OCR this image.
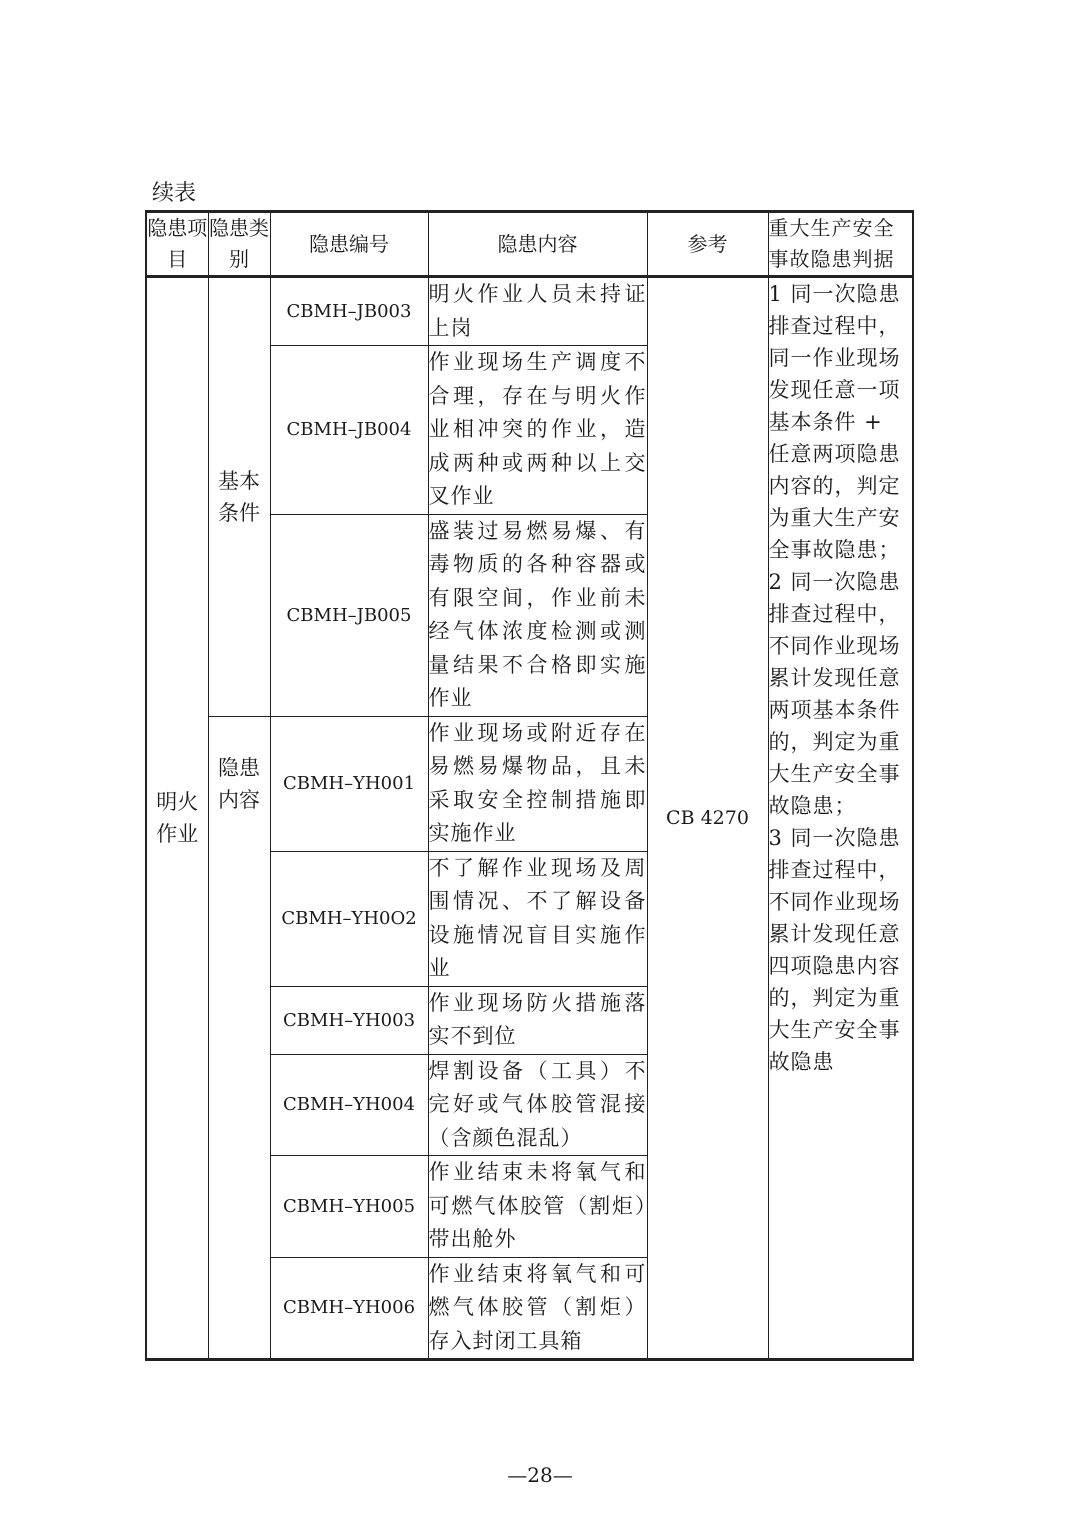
续表
隐患项目	隐患类别	隐患编号	隐患内容	参考	重大生产安全事故隐患判据
明火作业	基本条件	CBMH–JB003	明火作业人员未持证上岗	CB 4270	1 同一次隐患排查过程中，同一作业现场发现任意一项基本条件 + 任意两项隐患内容的，判定为重大生产安全事故隐患；
2 同一次隐患排查过程中，不同作业现场累计发现任意两项基本条件的，判定为重大生产安全事故隐患；
3 同一次隐患排查过程中，不同作业现场累计发现任意四项隐患内容的，判定为重大生产安全事故隐患

		CBMH–JB004	作业现场生产调度不合理，存在与明火作业相冲突的作业，造成两种或两种以上交叉作业		
		CBMH–JB005	盛装过易燃易爆、有毒物质的各种容器或有限空间，作业前未经气体浓度检测或测量结果不合格即实施作业		
	隐患内容	CBMH–YH001	作业现场或附近存在易燃易爆物品，且未采取安全控制措施即实施作业		
		CBMH–YH0O2	不了解作业现场及周围情况、不了解设备设施情况盲目实施作业		
		CBMH–YH003	作业现场防火措施落实不到位		
		CBMH–YH004	焊割设备（工具）不完好或气体胶管混接（含颜色混乱）		
		CBMH–YH005	作业结束未将氧气和可燃气体胶管（割炬）带出舱外		
		CBMH–YH006	作业结束将氧气和可燃气体胶管（割炬）存入封闭工具箱		
—28—
